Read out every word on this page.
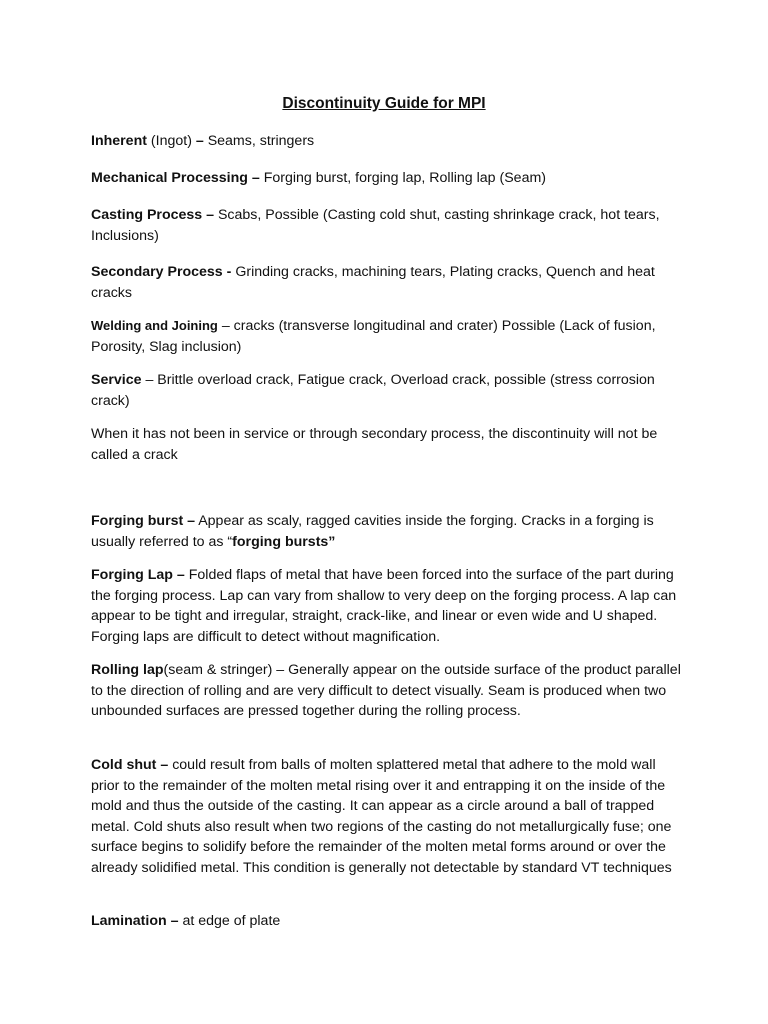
Discontinuity Guide for MPI

Inherent (Ingot) – Seams, stringers

Mechanical Processing – Forging burst, forging lap, Rolling lap (Seam)

Casting Process – Scabs, Possible (Casting cold shut, casting shrinkage crack, hot tears, Inclusions)

Secondary Process - Grinding cracks, machining tears, Plating cracks, Quench and heat cracks

Welding and Joining – cracks (transverse longitudinal and crater) Possible (Lack of fusion, Porosity, Slag inclusion)

Service – Brittle overload crack, Fatigue crack, Overload crack, possible (stress corrosion crack)

When it has not been in service or through secondary process, the discontinuity will not be called a crack

Forging burst – Appear as scaly, ragged cavities inside the forging. Cracks in a forging is usually referred to as “forging bursts”

Forging Lap – Folded flaps of metal that have been forced into the surface of the part during the forging process. Lap can vary from shallow to very deep on the forging process. A lap can appear to be tight and irregular, straight, crack-like, and linear or even wide and U shaped. Forging laps are difficult to detect without magnification.

Rolling lap(seam & stringer) – Generally appear on the outside surface of the product parallel to the direction of rolling and are very difficult to detect visually. Seam is produced when two unbounded surfaces are pressed together during the rolling process.

Cold shut – could result from balls of molten splattered metal that adhere to the mold wall prior to the remainder of the molten metal rising over it and entrapping it on the inside of the mold and thus the outside of the casting. It can appear as a circle around a ball of trapped metal. Cold shuts also result when two regions of the casting do not metallurgically fuse; one surface begins to solidify before the remainder of the molten metal forms around or over the already solidified metal. This condition is generally not detectable by standard VT techniques

Lamination – at edge of plate
